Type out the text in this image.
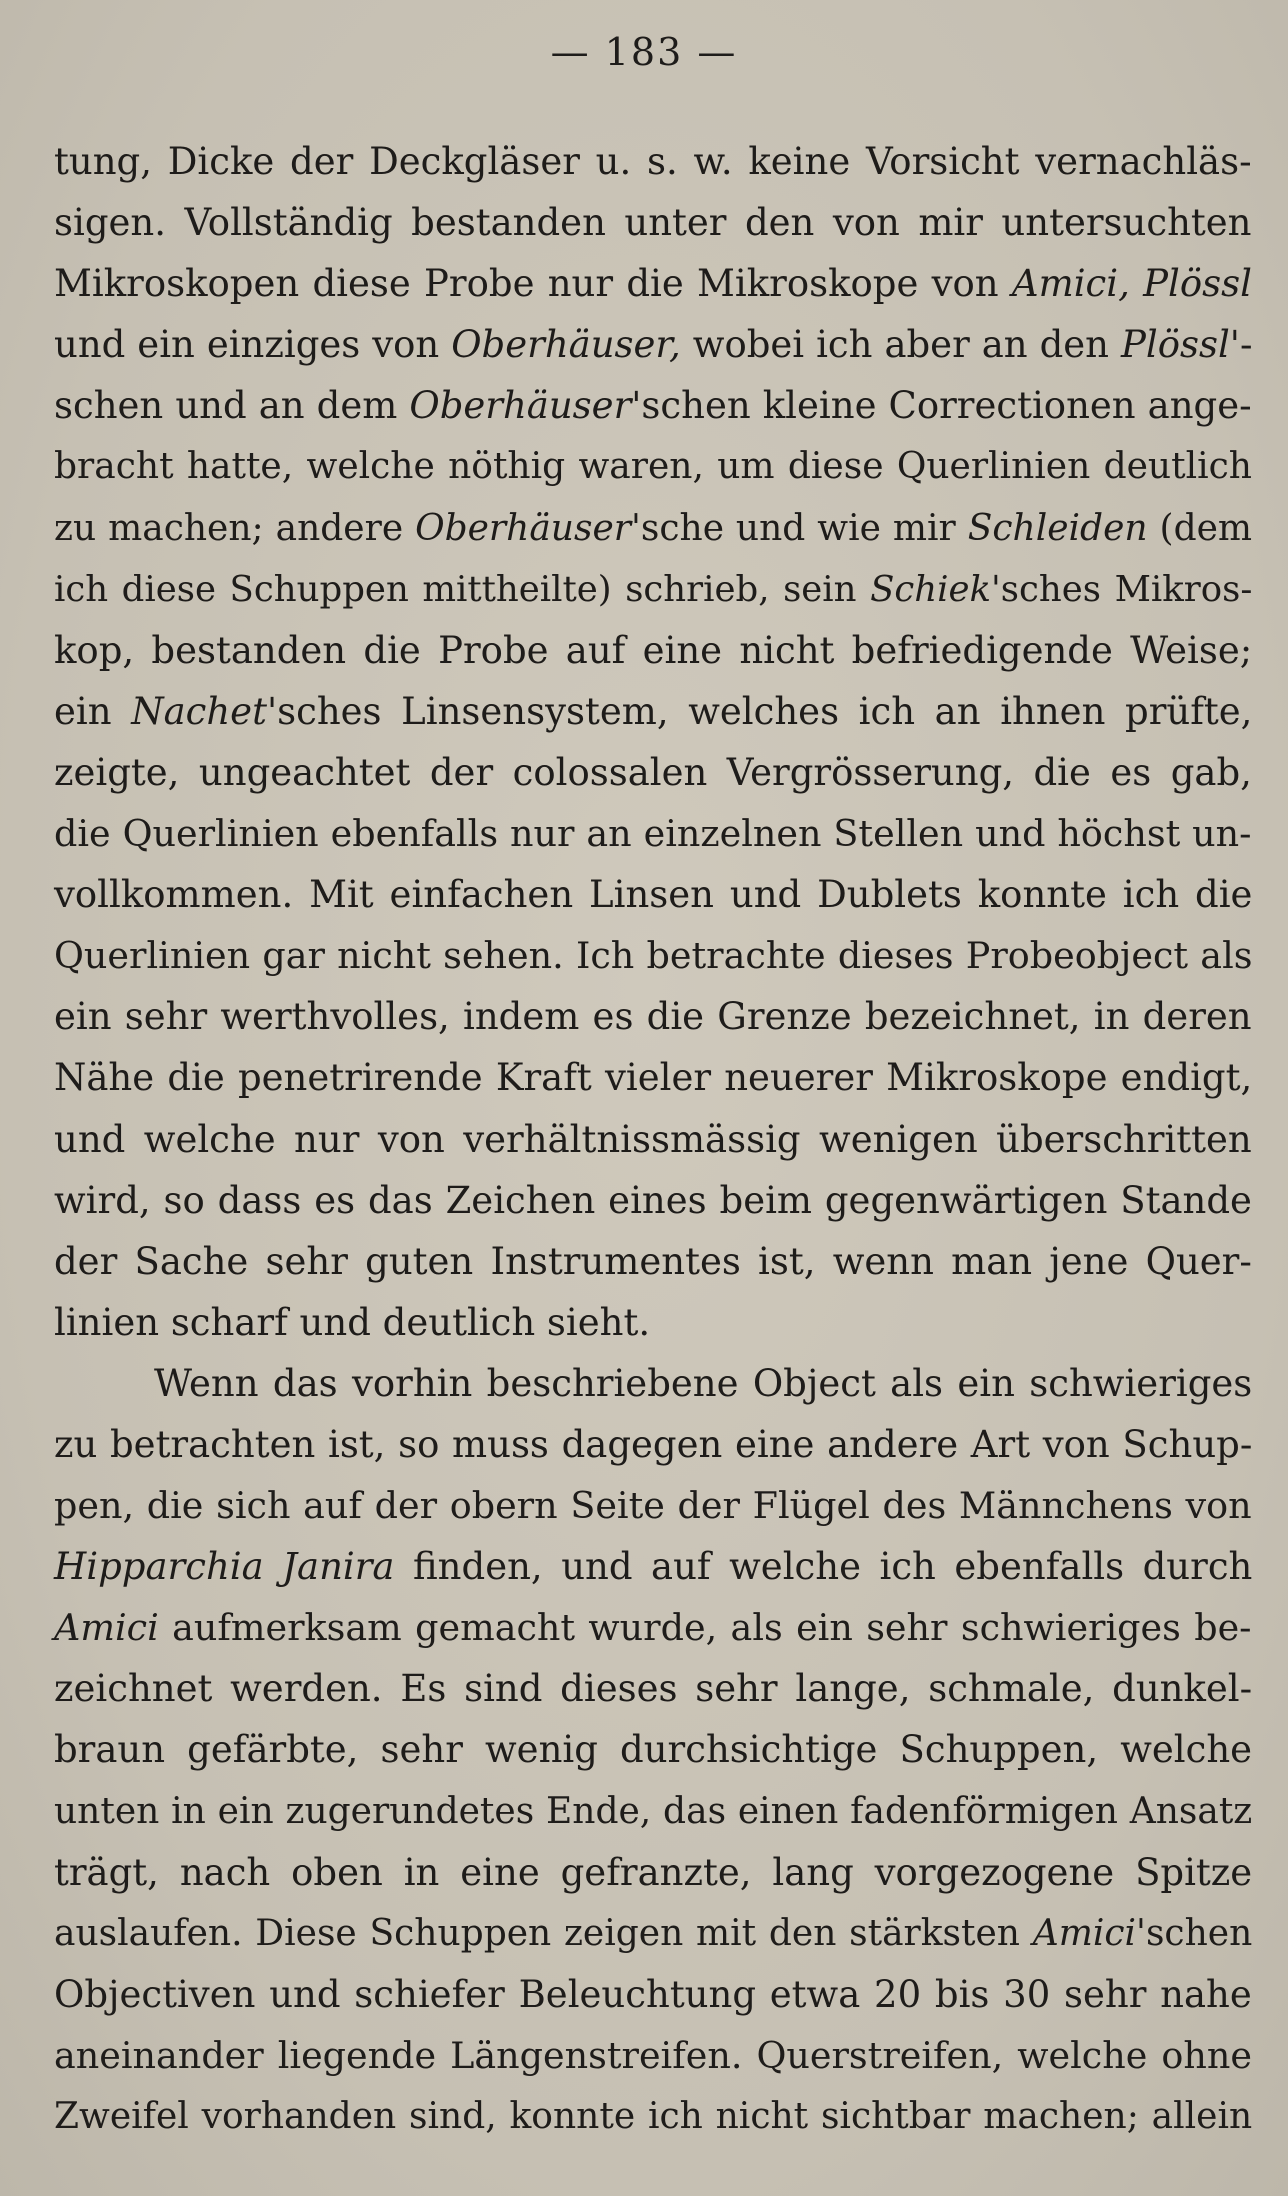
— 183 —
tung, Dicke der Deckgläser u. s. w. keine Vorsicht vernachläs-
sigen. Vollständig bestanden unter den von mir untersuchten
Mikroskopen diese Probe nur die Mikroskope von Amici, Plössl
und ein einziges von Oberhäuser, wobei ich aber an den Plössl'-
schen und an dem Oberhäuser'schen kleine Correctionen ange-
bracht hatte, welche nöthig waren, um diese Querlinien deutlich
zu machen; andere Oberhäuser'sche und wie mir Schleiden (dem
ich diese Schuppen mittheilte) schrieb, sein Schiek'sches Mikros-
kop, bestanden die Probe auf eine nicht befriedigende Weise;
ein Nachet'sches Linsensystem, welches ich an ihnen prüfte,
zeigte, ungeachtet der colossalen Vergrösserung, die es gab,
die Querlinien ebenfalls nur an einzelnen Stellen und höchst un-
vollkommen. Mit einfachen Linsen und Dublets konnte ich die
Querlinien gar nicht sehen. Ich betrachte dieses Probeobject als
ein sehr werthvolles, indem es die Grenze bezeichnet, in deren
Nähe die penetrirende Kraft vieler neuerer Mikroskope endigt,
und welche nur von verhältnissmässig wenigen überschritten
wird, so dass es das Zeichen eines beim gegenwärtigen Stande
der Sache sehr guten Instrumentes ist, wenn man jene Quer-
linien scharf und deutlich sieht.
Wenn das vorhin beschriebene Object als ein schwieriges
zu betrachten ist, so muss dagegen eine andere Art von Schup-
pen, die sich auf der obern Seite der Flügel des Männchens von
Hipparchia Janira finden, und auf welche ich ebenfalls durch
Amici aufmerksam gemacht wurde, als ein sehr schwieriges be-
zeichnet werden. Es sind dieses sehr lange, schmale, dunkel-
braun gefärbte, sehr wenig durchsichtige Schuppen, welche
unten in ein zugerundetes Ende, das einen fadenförmigen Ansatz
trägt, nach oben in eine gefranzte, lang vorgezogene Spitze
auslaufen. Diese Schuppen zeigen mit den stärksten Amici'schen
Objectiven und schiefer Beleuchtung etwa 20 bis 30 sehr nahe
aneinander liegende Längenstreifen. Querstreifen, welche ohne
Zweifel vorhanden sind, konnte ich nicht sichtbar machen; allein
